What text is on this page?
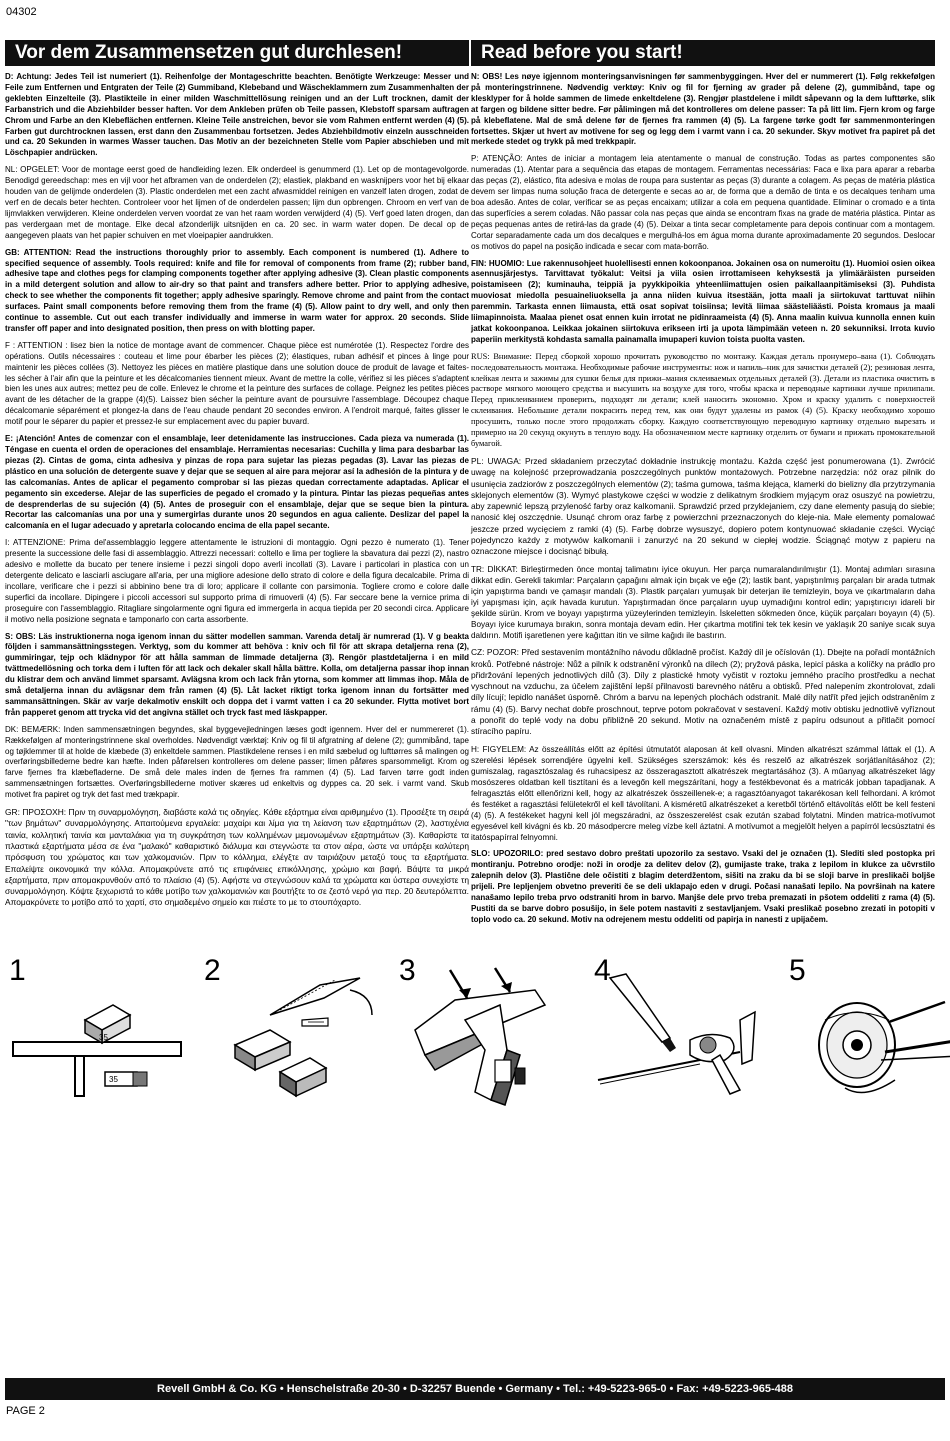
04302
Vor dem Zusammensetzen gut durchlesen!

D: Achtung: Jedes Teil ist numeriert (1). Reihenfolge der Montageschritte beachten. Benötigte Werkzeuge: Messer und Feile zum Entfernen und Entgraten der Teile (2) Gummiband, Klebeband und Wäscheklammern zum Zusammenhalten der geklebten Einzelteile (3). Plastikteile in einer milden Waschmittellösung reinigen und an der Luft trocknen, damit der Farbanstrich und die Abziehbilder besser haften. Vor dem Ankleben prüfen ob Teile passen, Klebstoff sparsam auftragen Chrom und Farbe an den Klebeflächen entfernen. Kleine Teile anstreichen, bevor sie vom Rahmen entfernt werden (4) (5). Farben gut durchtrocknen lassen, erst dann den Zusammenbau fortsetzen. Jedes Abziehbildmotiv einzeln ausschneiden und ca. 20 Sekunden in warmes Wasser tauchen. Das Motiv an der bezeichneten Stelle vom Papier abschieben und mit Löschpapier andrücken.

NL: OPGELET: Voor de montage eerst goed de handleiding lezen. Elk onderdeel is genummerd (1). Let op de montagevolgorde. Benodigd gereedschap: mes en vijl voor het afbramen van de onderdelen (2); elastiek, plakband en wasknijpers voor het bij elkaar houden van de gelijmde onderdelen (3). Plastic onderdelen met een zacht afwasmiddel reinigen en vanzelf laten drogen, zodat de verf en de decals beter hechten. Controleer voor het lijmen of de onderdelen passen; lijm dun opbrengen. Chroom en verf van de lijmvlakken verwijderen. Kleine onderdelen verven voordat ze van het raam worden verwijderd (4) (5). Verf goed laten drogen, dan pas verdergaan met de montage. Elke decal afzonderlijk uitsnijden en ca. 20 sec. in warm water dopen. De decal op de aangegeven plaats van het papier schuiven en met vloeipapier aandrukken.

GB: ATTENTION: Read the instructions thoroughly prior to assembly. Each component is numbered (1). Adhere to specified sequence of assembly. Tools required: knife and file for removal of components from frame (2); rubber band, adhesive tape and clothes pegs for clamping components together after applying adhesive (3). Clean plastic components in a mild detergent solution and allow to air-dry so that paint and transfers adhere better. Prior to applying adhesive, check to see whether the components fit together; apply adhesive sparingly. Remove chrome and paint from the contact surfaces. Paint small components before removing them from the frame (4) (5). Allow paint to dry well, and only then continue to assemble. Cut out each transfer individually and immerse in warm water for approx. 20 seconds. Slide transfer off paper and into designated position, then press on with blotting paper.

F : ATTENTION : lisez bien la notice de montage avant de commencer. Chaque pièce est numérotée (1). Respectez l'ordre des opérations. Outils nécessaires : couteau et lime pour ébarber les pièces (2); élastiques, ruban adhésif et pinces à linge pour maintenir les pièces collées (3). Nettoyez les pièces en matière plastique dans une solution douce de produit de lavage et faites-les sécher à l'air afin que la peinture et les décalcomanies tiennent mieux. Avant de mettre la colle, vérifiez si les pièces s'adaptent bien les unes aux autres; mettez peu de colle. Enlevez le chrome et la peinture des surfaces de collage. Peignez les petites pièces avant de les détacher de la grappe (4)(5). Laissez bien sécher la peinture avant de poursuivre l'assemblage. Découpez chaque décalcomanie séparément et plongez-la dans de l'eau chaude pendant 20 secondes environ. A l'endroit marqué, faites glisser le motif pour le séparer du papier et pressez-le sur emplacement avec du papier buvard.

E: ¡Atención! Antes de comenzar con el ensamblaje, leer detenidamente las instrucciones. Cada pieza va numerada (1). Téngase en cuenta el orden de operaciones del ensamblaje. Herramientas necesarias: Cuchilla y lima para desbarbar las piezas (2). Cintas de goma, cinta adhesiva y pinzas de ropa para sujetar las piezas pegadas (3). Lavar las piezas de plástico en una solución de detergente suave y dejar que se sequen al aire para mejorar así la adhesión de la pintura y de las calcomanías. Antes de aplicar el pegamento comprobar si las piezas quedan correctamente adaptadas. Aplicar el pegamento sin excederse. Alejar de las superficies de pegado el cromado y la pintura. Pintar las piezas pequeñas antes de desprenderlas de su sujeción (4) (5). Antes de proseguir con el ensamblaje, dejar que se seque bien la pintura. Recortar las calcomanías una por una y sumergirlas durante unos 20 segundos en agua caliente. Deslizar del papel la calcomanía en el lugar adecuado y apretarla colocando encima de ella papel secante.

I: ATTENZIONE: Prima del'assemblaggio leggere attentamente le istruzioni di montaggio. Ogni pezzo è numerato (1). Tener presente la successione delle fasi di assemblaggio. Attrezzi necessari: coltello e lima per togliere la sbavatura dai pezzi (2), nastro adesivo e mollette da bucato per tenere insieme i pezzi singoli dopo averli incollati (3). Lavare i particolari in plastica con un detergente delicato e lasciarli asciugare all'aria, per una migliore adesione dello strato di colore e della figura decalcabile. Prima di incollare, verificare che i pezzi si abbinino bene tra di loro; applicare il collante con parsimonia. Togliere cromo e colore dalle superfici da incollare. Dipingere i piccoli accessori sul supporto prima di rimuoverli (4) (5). Far seccare bene la vernice prima di proseguire con l'assemblaggio. Ritagliare singolarmente ogni figura ed immergerla in acqua tiepida per 20 secondi circa. Applicare il motivo nella posizione segnata e tamponarlo con carta assorbente.

S: OBS: Läs instruktionerna noga igenom innan du sätter modellen samman. Varenda detalj är numrerad (1). V g beakta följden i sammansättningsstegen. Verktyg, som du kommer att behöva : kniv och fil för att skrapa detaljerna rena (2), gummiringar, tejp och klädnypor för att hålla samman de limmade detaljerna (3). Rengör plastdetaljerna i en mild tvättmedellösning och torka dem i luften för att lack och dekaler skall hålla bättre. Kolla, om detaljerna passar ihop innan du klistrar dem och använd limmet sparsamt. Avlägsna krom och lack från ytorna, som kommer att limmas ihop. Måla de små detaljerna innan du avlägsnar dem från ramen (4) (5). Låt lacket riktigt torka igenom innan du fortsätter med sammansättningen. Skär av varje dekalmotiv enskilt och doppa det i varmt vatten i ca 20 sekunder. Flytta motivet bort från papperet genom att trycka vid det angivna stället och tryck fast med läskpapper.

DK: BEMÆRK: Inden sammensætningen begyndes, skal byggevejledningen læses godt igennem. Hver del er nummereret (1). Rækkefølgen af monteringstrinnene skal overholdes. Nødvendigt værktøj: Kniv og fil til afgratning af delene (2); gummibånd, tape og tøjklemmer til at holde de klæbede (3) enkeltdele sammen. Plastikdelene renses i en mild sæbelud og lufttørres så malingen og overføringsbillederne bedre kan hæfte. Inden påførelsen kontrolleres om delene passer; limen påføres sparsommeligt. Krom og farve fjernes fra klæbefladerne. De små dele males inden de fjernes fra rammen (4) (5). Lad farven tørre godt inden sammensætningen fortsættes. Overføringsbillederne motiver skæres ud enkeltvis og dyppes ca. 20 sek. i varmt vand. Skub motivet fra papiret og tryk det fast med trækpapir.

GR: ΠΡΟΣΟΧΗ: Πριν τη συναρμολόγηση, διαβάστε καλά τις οδηγίες. Κάθε εξάρτημα είναι αριθμημένο (1). Προσέξτε τη σειρά "των βημάτων" συναρμολόγησης. Απαιτούμενα εργαλεία: μαχαίρι και λίμα για τη λείανση των εξαρτημάτων (2), λαστιχένια ταινία, κολλητική ταινία και μανταλάκια για τη συγκράτηση των κολλημένων μεμονωμένων εξαρτημάτων (3). Καθαρίστε τα πλαστικά εξαρτήματα μέσα σε ένα "μαλακό" καθαριστικό διάλυμα και στεγνώστε τα στον αέρα, ώστε να υπάρξει καλύτερη πρόσφυση του χρώματος και των χαλκομανιών. Πριν το κόλλημα, ελέγξτε αν ταιριάζουν μεταξύ τους τα εξαρτήματα. Επαλείψτε οικονομικά την κόλλα. Απομακρύνετε από τις επιφάνειες επικόλλησης, χρώμιο και βαφή. Βάψτε τα μικρά εξαρτήματα, πριν απομακρυνθούν από το πλαίσιο (4) (5). Αφήστε να στεγνώσουν καλά τα χρώματα και ύστερα συνεχίστε τη συναρμολόγηση. Κόψτε ξεχωριστά το κάθε μοτίβο των χαλκομανιών και βουτήξτε το σε ζεστό νερό για περ. 20 δευτερόλεπτα. Απομακρύνετε το μοτίβο από το χαρτί, στο σημαδεμένο σημείο και πιέστε το με το στουπόχαρτο.

Read before you start!

N: OBS! Les nøye igjennom monteringsanvisningen før sammenbyggingen. Hver del er nummerert (1). Følg rekkefølgen på monteringstrinnene. Nødvendig verktøy: Kniv og fil for fjerning av grader på delene (2), gummibånd, tape og klesklyper for å holde sammen de limede enkeltdelene (3). Rengjør plastdelene i mildt såpevann og la dem lufttørke, slik at fargen og bildene sitter bedre. Før pålimingen må det kontrolleres om delene passer: Ta på litt lim. Fjern krom og farge på klebeflatene. Mal de små delene før de fjernes fra rammen (4) (5). La fargene tørke godt før sammenmonteringen fortsettes. Skjær ut hvert av motivene for seg og legg dem i varmt vann i ca. 20 sekunder. Skyv motivet fra papiret på det merkede stedet og trykk på med trekkpapir.

P: ATENÇÃO: Antes de iniciar a montagem leia atentamente o manual de construção. Todas as partes componentes são numeradas (1). Atentar para a sequência das etapas de montagem. Ferramentas necessárias: Faca e lixa para aparar a rebarba das peças (2), elástico, fita adesiva e molas de roupa para sustentar as peças (3) durante a colagem. As peças de matéria plástica devem ser limpas numa solução fraca de detergente e secas ao ar, de forma que a demão de tinta e os decalques tenham uma boa adesão. Antes de colar, verificar se as peças encaixam; utilizar a cola em pequena quantidade. Eliminar o cromado e a tinta das superfícies a serem coladas. Não passar cola nas peças que ainda se encontram fixas na grade de matéria plástica. Pintar as peças pequenas antes de retirá-las da grade (4) (5). Deixar a tinta secar completamente para depois continuar com a montagem. Cortar separadamente cada um dos decalques e mergulhá-los em água morna durante aproximadamente 20 segundos. Deslocar os motivos do papel na posição indicada e secar com mata-borrão.

FIN: HUOMIO: Lue rakennusohjeet huolellisesti ennen kokoonpanoa. Jokainen osa on numeroitu (1). Huomioi osien oikea asennusjärjestys. Tarvittavat työkalut: Veitsi ja viila osien irrottamiseen kehyksestä ja ylimääräisten purseiden poistamiseen (2); kuminauha, teippiä ja pyykkipoikia yhteenliimattujen osien paikallaanpitämiseksi (3). Puhdista muoviosat miedolla pesuaineliuoksella ja anna niiden kuivua itsestään, jotta maali ja siirtokuvat tarttuvat niihin paremmin. Tarkasta ennen liimausta, että osat sopivat toisiinsa; levitä liimaa säästeliäästi. Poista kromaus ja maali liimapinnoista. Maalaa pienet osat ennen kuin irrotat ne pidinraameista (4) (5). Anna maalin kuivua kunnolla ennen kuin jatkat kokoonpanoa. Leikkaa jokainen siirtokuva erikseen irti ja upota lämpimään veteen n. 20 sekunniksi. Irrota kuvio paperiin merkitystä kohdasta samalla painamalla imupaperi kuvion toista puolta vasten.

RUS: Внимание: Перед сборкой хорошо прочитать руководство по монтажу. Каждая деталь пронумеро–вана (1). Соблюдать последовательность монтажа. Необходимые рабочие инструменты: нож и напиль–ник для зачистки деталей (2); резиновая лента, клейкая лента и зажимы для сушки белья для пpижи–мания склеиваемых отдельных деталей (3). Детали из пластика очистить в растворе мягкого моющего средства и высушить на воздухе для того, чтобы краска и переводные картинки лучше прилипали. Перед приклеиванием проверить, подходят ли детали; клей наносить экономно. Хром и краску удалить с поверхностей склеивания. Небольшие детали покрасить перед тем, как они будут удалены из рамок (4) (5). Краску необходимо хорошо просушить, только после этого продолжать сборку. Каждую соответствующую переводную картинку отдельно вырезать и примерно на 20 секунд окунуть в теплую воду. На обозначенном месте картинку отделить от бумаги и прижать промокательной бумагой.

PL: UWAGA: Przed składaniem przeczytać dokładnie instrukcję montażu. Każda część jest ponumerowana (1). Zwrócić uwagę na kolejność przeprowadzania poszczególnych punktów montażowych. Potrzebne narzędzia: nóż oraz pilnik do usunięcia zadziorów z poszczególnych elementów (2); taśma gumowa, taśma klejąca, klamerki do bielizny dla przytrzymania sklejonych elementów (3). Wymyć plastykowe części w wodzie z delikatnym środkiem myjącym oraz osuszyć na powietrzu, aby zapewnić lepszą przyleność farby oraz kalkomanii. Sprawdzić przed przyklejaniem, czy dane elementy pasują do siebie; nanosić klej oszczędnie. Usunąć chrom oraz farbę z powierzchni przeznaczonych do kleje-nia. Małe elementy pomalować jeszcze przed wycięciem z ramki (4) (5). Farbę dobrze wysuszyć, dopiero potem kontynuować składanie części. Wyciąć pojedynczo każdy z motywów kalkomanii i zanurzyć na 20 sekund w ciepłej wodzie. Ściągnąć motyw z papieru na oznaczone miejsce i docisnąć bibułą.

TR: DİKKAT: Birleştirmeden önce montaj talimatını iyice okuyun. Her parça numaralandırılmıştır (1). Montaj adımları sırasına dikkat edin. Gerekli takımlar: Parçaların çapağını almak için bıçak ve eğe (2); lastik bant, yapıştırılmış parçaları bir arada tutmak için yapıştırma bandı ve çamaşır mandalı (3). Plastik parçaları yumuşak bir deterjan ile temizleyin, boya ve çıkartmaların daha iyi yapışması için, açık havada kurutun. Yapıştırmadan önce parçaların uyup uymadığını kontrol edin; yapıştırıcıyı idareli bir şekilde sürün. Krom ve boyayı yapıştırma yüzeylerinden temizleyin. İskeletten sökmeden önce, küçük parçaları boyayın (4) (5). Boyayı iyice kurumaya bırakın, sonra montaja devam edin. Her çıkartma motifini tek tek kesin ve yaklaşık 20 saniye sıcak suya daldırın. Motifi işaretlenen yere kağıttan itin ve silme kağıdı ile bastırın.

CZ: POZOR: Před sestavením montážního návodu důkladně pročíst. Každý díl je očíslován (1). Dbejte na pořadí montážních kroků. Potřebné nástroje: Nůž a pilník k odstranění výronků na dílech (2); pryžová páska, lepicí páska a kolíčky na prádlo pro přidržování lepených jednotlivých dílů (3). Díly z plastické hmoty vyčistit v roztoku jemného pracího prostředku a nechat vyschnout na vzduchu, za účelem zajištění lepší přilnavosti barevného nátěru a obtisků. Před nalepením zkontrolovat, zdali díly lícují; lepidlo nanášet úsporně. Chróm a barvu na lepených plochách odstranit. Malé díly natřít před jejich odstraněním z rámu (4) (5). Barvy nechat dobře proschnout, teprve potom pokračovat v sestavení. Každý motiv obtisku jednotlivě vyříznout a ponořit do teplé vody na dobu přibližně 20 sekund. Motiv na označeném místě z papíru odsunout a přitlačit pomocí stíracího papíru.

H: FIGYELEM: Az összeállítás előtt az építési útmutatót alaposan át kell olvasni. Minden alkatrészt számmal láttak el (1). A szerelési lépések sorrendjére ügyelni kell. Szükséges szerszámok: kés és reszelő az alkatrészek sorjátlanításához (2); gumiszalag, ragasztószalag és ruhacsipesz az összeragasztott alkatrészek megtartásához (3). A műanyag alkatrészeket lágy mosószeres oldatban kell tisztítani és a levegőn kell megszárítani, hogy a festékbevonat és a matricák jobban tapadjanak. A felragasztás előtt ellenőrizni kell, hogy az alkatrészek összeillenek-e; a ragasztóanyagot takarékosan kell felhordani. A krómot és festéket a ragasztási felületekről el kell távolítani. A kisméretű alkatrészeket a keretből történő eltávolítás előtt be kell festeni (4) (5). A festékeket hagyni kell jól megszáradni, az összeszerelést csak ezután szabad folytatni. Minden matrica-motívumot egyesével kell kivágni és kb. 20 másodpercre meleg vízbe kell áztatni. A motívumot a megjelölt helyen a papírról lecsúsztatni és itatóspapírral felnyomni.

SLO: UPOZORILO: pred sestavo dobro preštati upozorilo za sestavo. Vsaki del je označen (1). Slediti sled postopka pri montiranju. Potrebno orodje: noži in orodje za delitev delov (2), gumijaste trake, traka z lepilom in klukce za učvrstilo zalepnih delov (3). Plastične dele očistiti z blagim deterdžentom, sišiti na zraku da bi se sloji barve in preslikači boljše prijeli. Pre lepljenjem obvetno preveriti če se deli uklapajo eden v drugi. Počasi nanašati lepilo. Na površinah na katere nanašamo lepilo treba prvo odstraniti hrom in barvo. Manjše dele prvo treba premazati in pšotem oddeliti z rama (4) (5). Pustiti da se barve dobro posušijo, in šele potem nastaviti z sestavljanjem. Vsaki preslikač posebno zrezati in potopiti v toplo vodo ca. 20 sekund. Motiv na odrejenem mestu oddeliti od papirja in nanesti z upijačem.

1
35
35
2	3	4	5
Revell GmbH & Co. KG • Henschelstraße 20-30 • D-32257 Buende • Germany • Tel.: +49-5223-965-0 • Fax: +49-5223-965-488
PAGE 2
